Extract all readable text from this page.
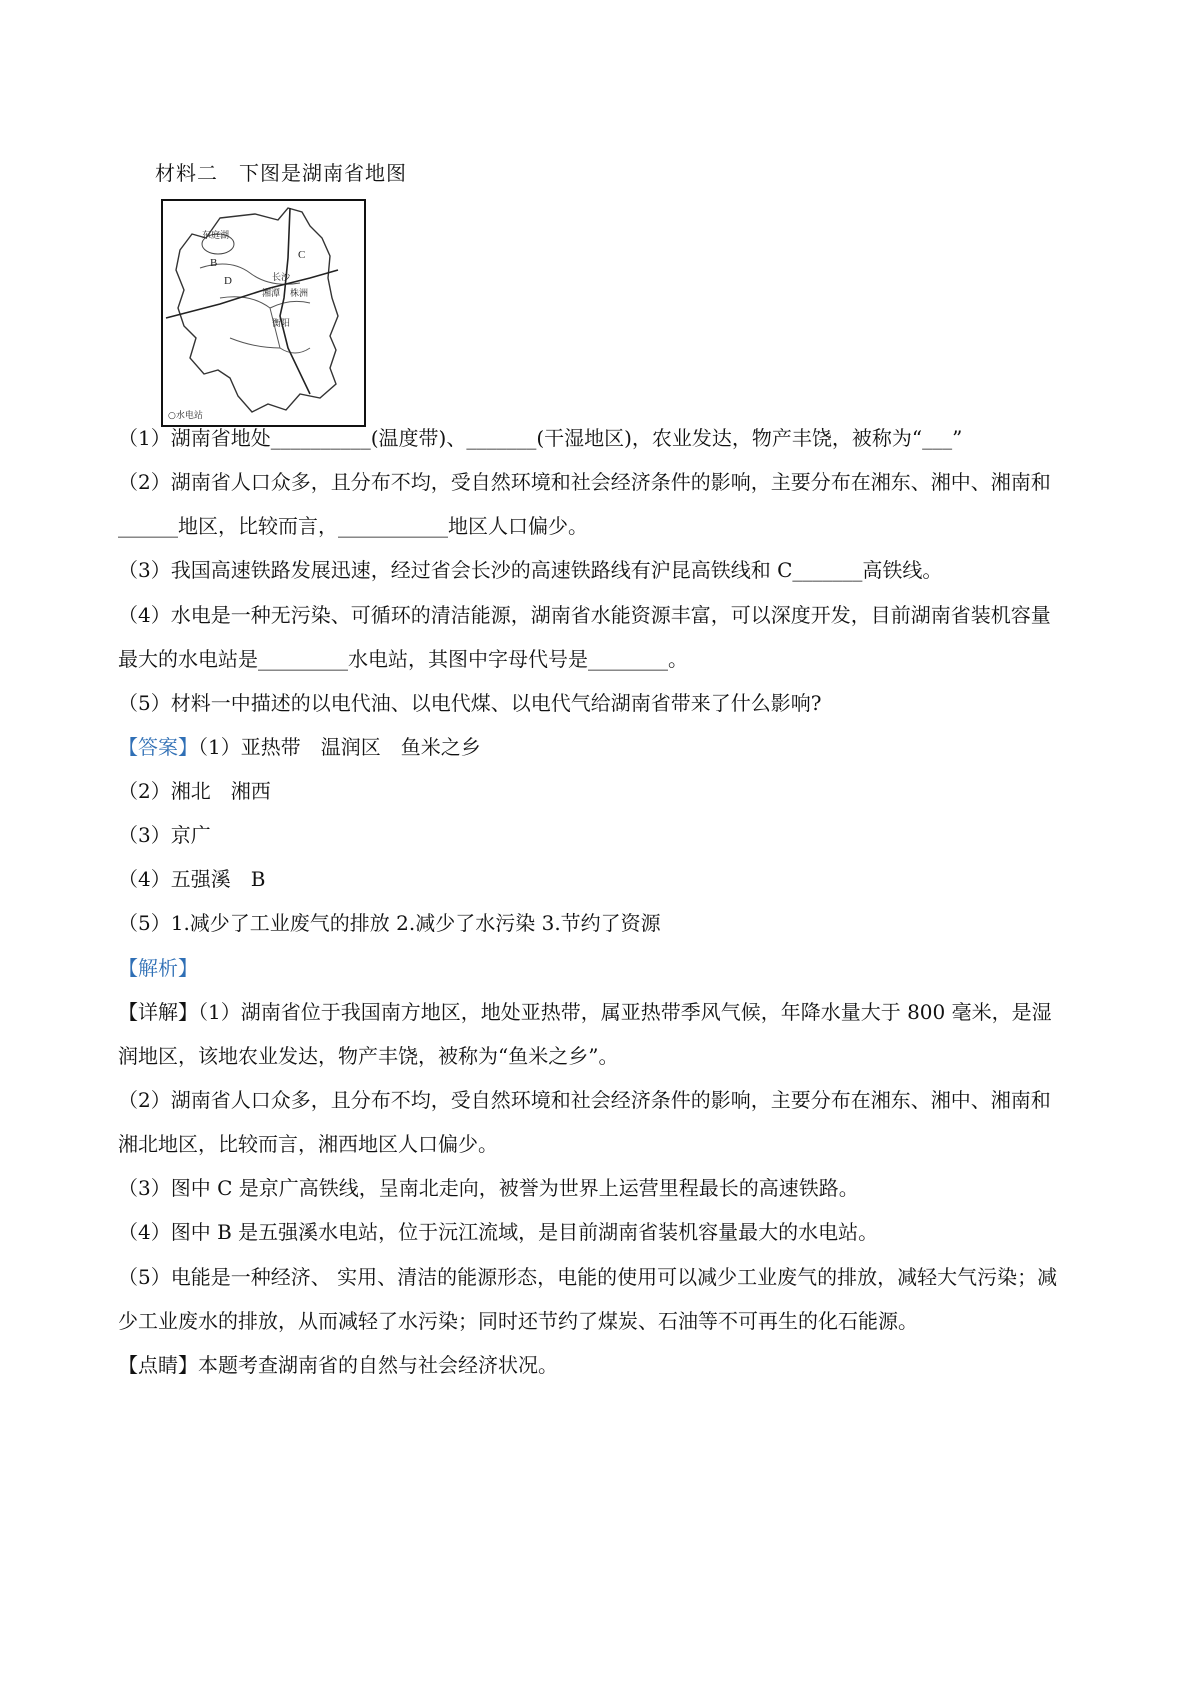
材料二　下图是湖南省地图
B
C
D
东庭湖
长沙
湘潭 株洲
衡阳
○水电站
（1）湖南省地处__________(温度带)、_______(干湿地区)，农业发达，物产丰饶，被称为“___”
（2）湖南省人口众多，且分布不均，受自然环境和社会经济条件的影响，主要分布在湘东、湘中、湘南和
______地区，比较而言，___________地区人口偏少。
（3）我国高速铁路发展迅速，经过省会长沙的高速铁路线有沪昆高铁线和 C_______高铁线。
（4）水电是一种无污染、可循环的清洁能源，湖南省水能资源丰富，可以深度开发，目前湖南省装机容量
最大的水电站是_________水电站，其图中字母代号是________。
（5）材料一中描述的以电代油、以电代煤、以电代气给湖南省带来了什么影响?
【答案】（1）亚热带　温润区　鱼米之乡
（2）湘北　湘西
（3）京广
（4）五强溪　B
（5）1.减少了工业废气的排放 2.减少了水污染 3.节约了资源
【解析】
【详解】（1）湖南省位于我国南方地区，地处亚热带，属亚热带季风气候，年降水量大于 800 毫米，是湿
润地区，该地农业发达，物产丰饶，被称为“鱼米之乡”。
（2）湖南省人口众多，且分布不均，受自然环境和社会经济条件的影响，主要分布在湘东、湘中、湘南和
湘北地区，比较而言，湘西地区人口偏少。
（3）图中 C 是京广高铁线，呈南北走向，被誉为世界上运营里程最长的高速铁路。
（4）图中 B 是五强溪水电站，位于沅江流域，是目前湖南省装机容量最大的水电站。
（5）电能是一种经济、 实用、清洁的能源形态，电能的使用可以减少工业废气的排放，减轻大气污染；减
少工业废水的排放，从而减轻了水污染；同时还节约了煤炭、石油等不可再生的化石能源。
【点睛】本题考查湖南省的自然与社会经济状况。
